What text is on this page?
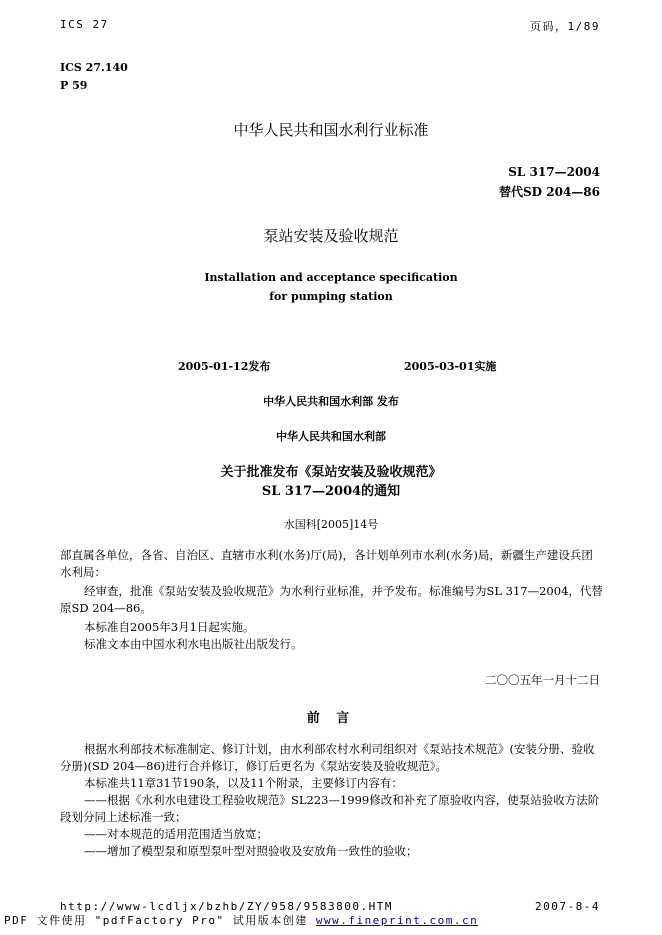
ICS 27	页码，1/89
ICS 27.140
P 59
中华人民共和国水利行业标准
SL 317—2004
替代SD 204—86
泵站安装及验收规范
Installation and acceptance specification
for pumping station
2005-01-12发布	2005-03-01实施
中华人民共和国水利部 发布
中华人民共和国水利部
关于批准发布《泵站安装及验收规范》
SL 317—2004的通知
水国科[2005]14号
部直属各单位，各省、自治区、直辖市水利(水务)厅(局)，各计划单列市水利(水务)局，新疆生产建设兵团
水利局：
经审查，批准《泵站安装及验收规范》为水利行业标准，并予发布。标准编号为SL 317—2004，代替
原SD 204—86。
本标准自2005年3月1日起实施。
标准文本由中国水利水电出版社出版发行。
二〇〇五年一月十二日
前 言
根据水利部技术标准制定、修订计划，由水利部农村水利司组织对《泵站技术规范》(安装分册、验收
分册)(SD 204—86)进行合并修订，修订后更名为《泵站安装及验收规范》。
本标准共11章31节190条，以及11个附录，主要修订内容有：
——根据《水利水电建设工程验收规范》SL223—1999修改和补充了原验收内容，使泵站验收方法阶
段划分同上述标准一致；
——对本规范的适用范围适当放宽；
——增加了模型泵和原型泵叶型对照验收及安放角一致性的验收；
http://www-lcdljx/bzhb/ZY/958/9583800.HTM	2007-8-4
PDF 文件使用 "pdfFactory Pro" 试用版本创建 www.fineprint.com.cn
